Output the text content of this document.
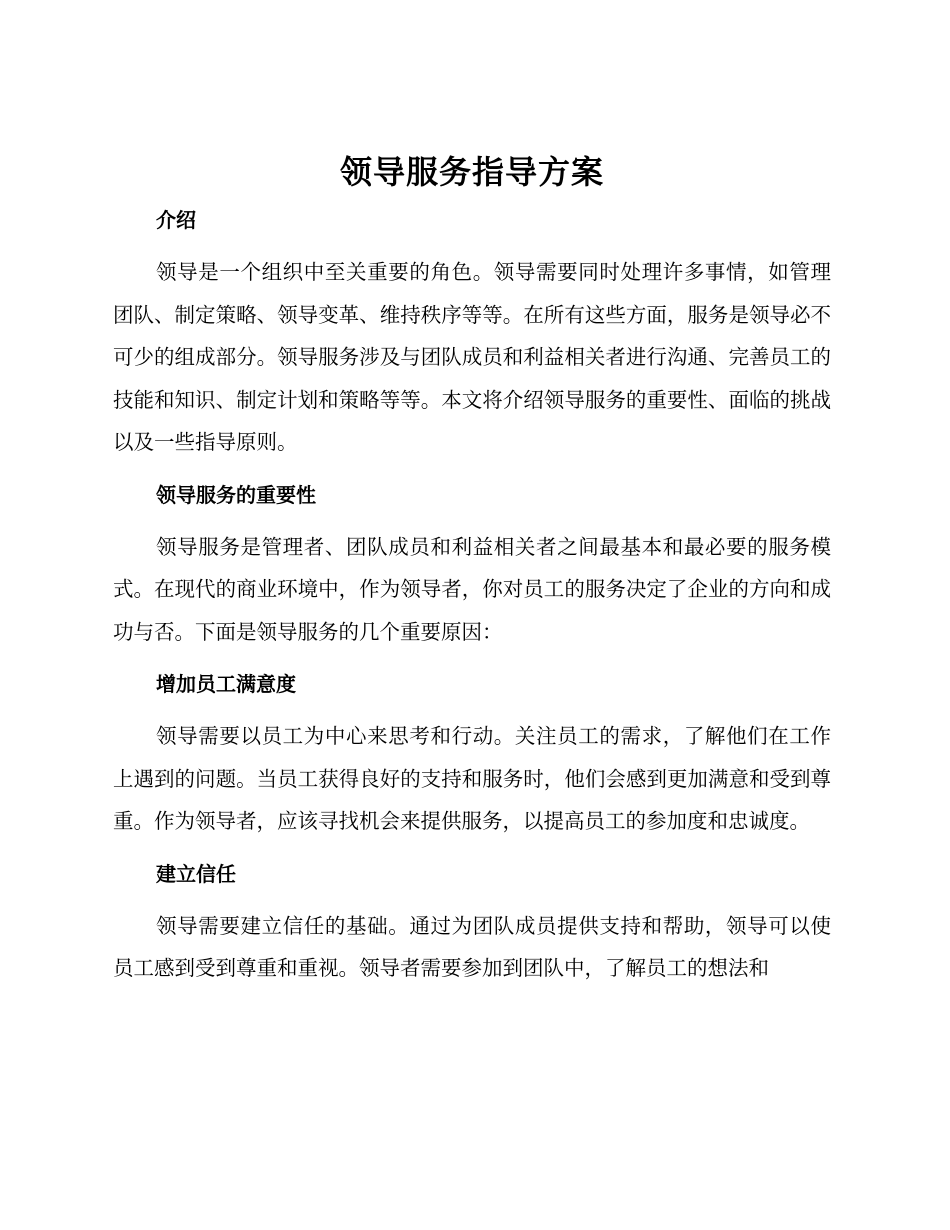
领导服务指导方案
介绍

领导是一个组织中至关重要的角色。领导需要同时处理许多事情，如管理团队、制定策略、领导变革、维持秩序等等。在所有这些方面，服务是领导必不可少的组成部分。领导服务涉及与团队成员和利益相关者进行沟通、完善员工的技能和知识、制定计划和策略等等。本文将介绍领导服务的重要性、面临的挑战以及一些指导原则。

领导服务的重要性

领导服务是管理者、团队成员和利益相关者之间最基本和最必要的服务模式。在现代的商业环境中，作为领导者，你对员工的服务决定了企业的方向和成功与否。下面是领导服务的几个重要原因：

增加员工满意度

领导需要以员工为中心来思考和行动。关注员工的需求，了解他们在工作上遇到的问题。当员工获得良好的支持和服务时，他们会感到更加满意和受到尊重。作为领导者，应该寻找机会来提供服务，以提高员工的参加度和忠诚度。

建立信任

领导需要建立信任的基础。通过为团队成员提供支持和帮助，领导可以使员工感到受到尊重和重视。领导者需要参加到团队中，了解员工的想法和
